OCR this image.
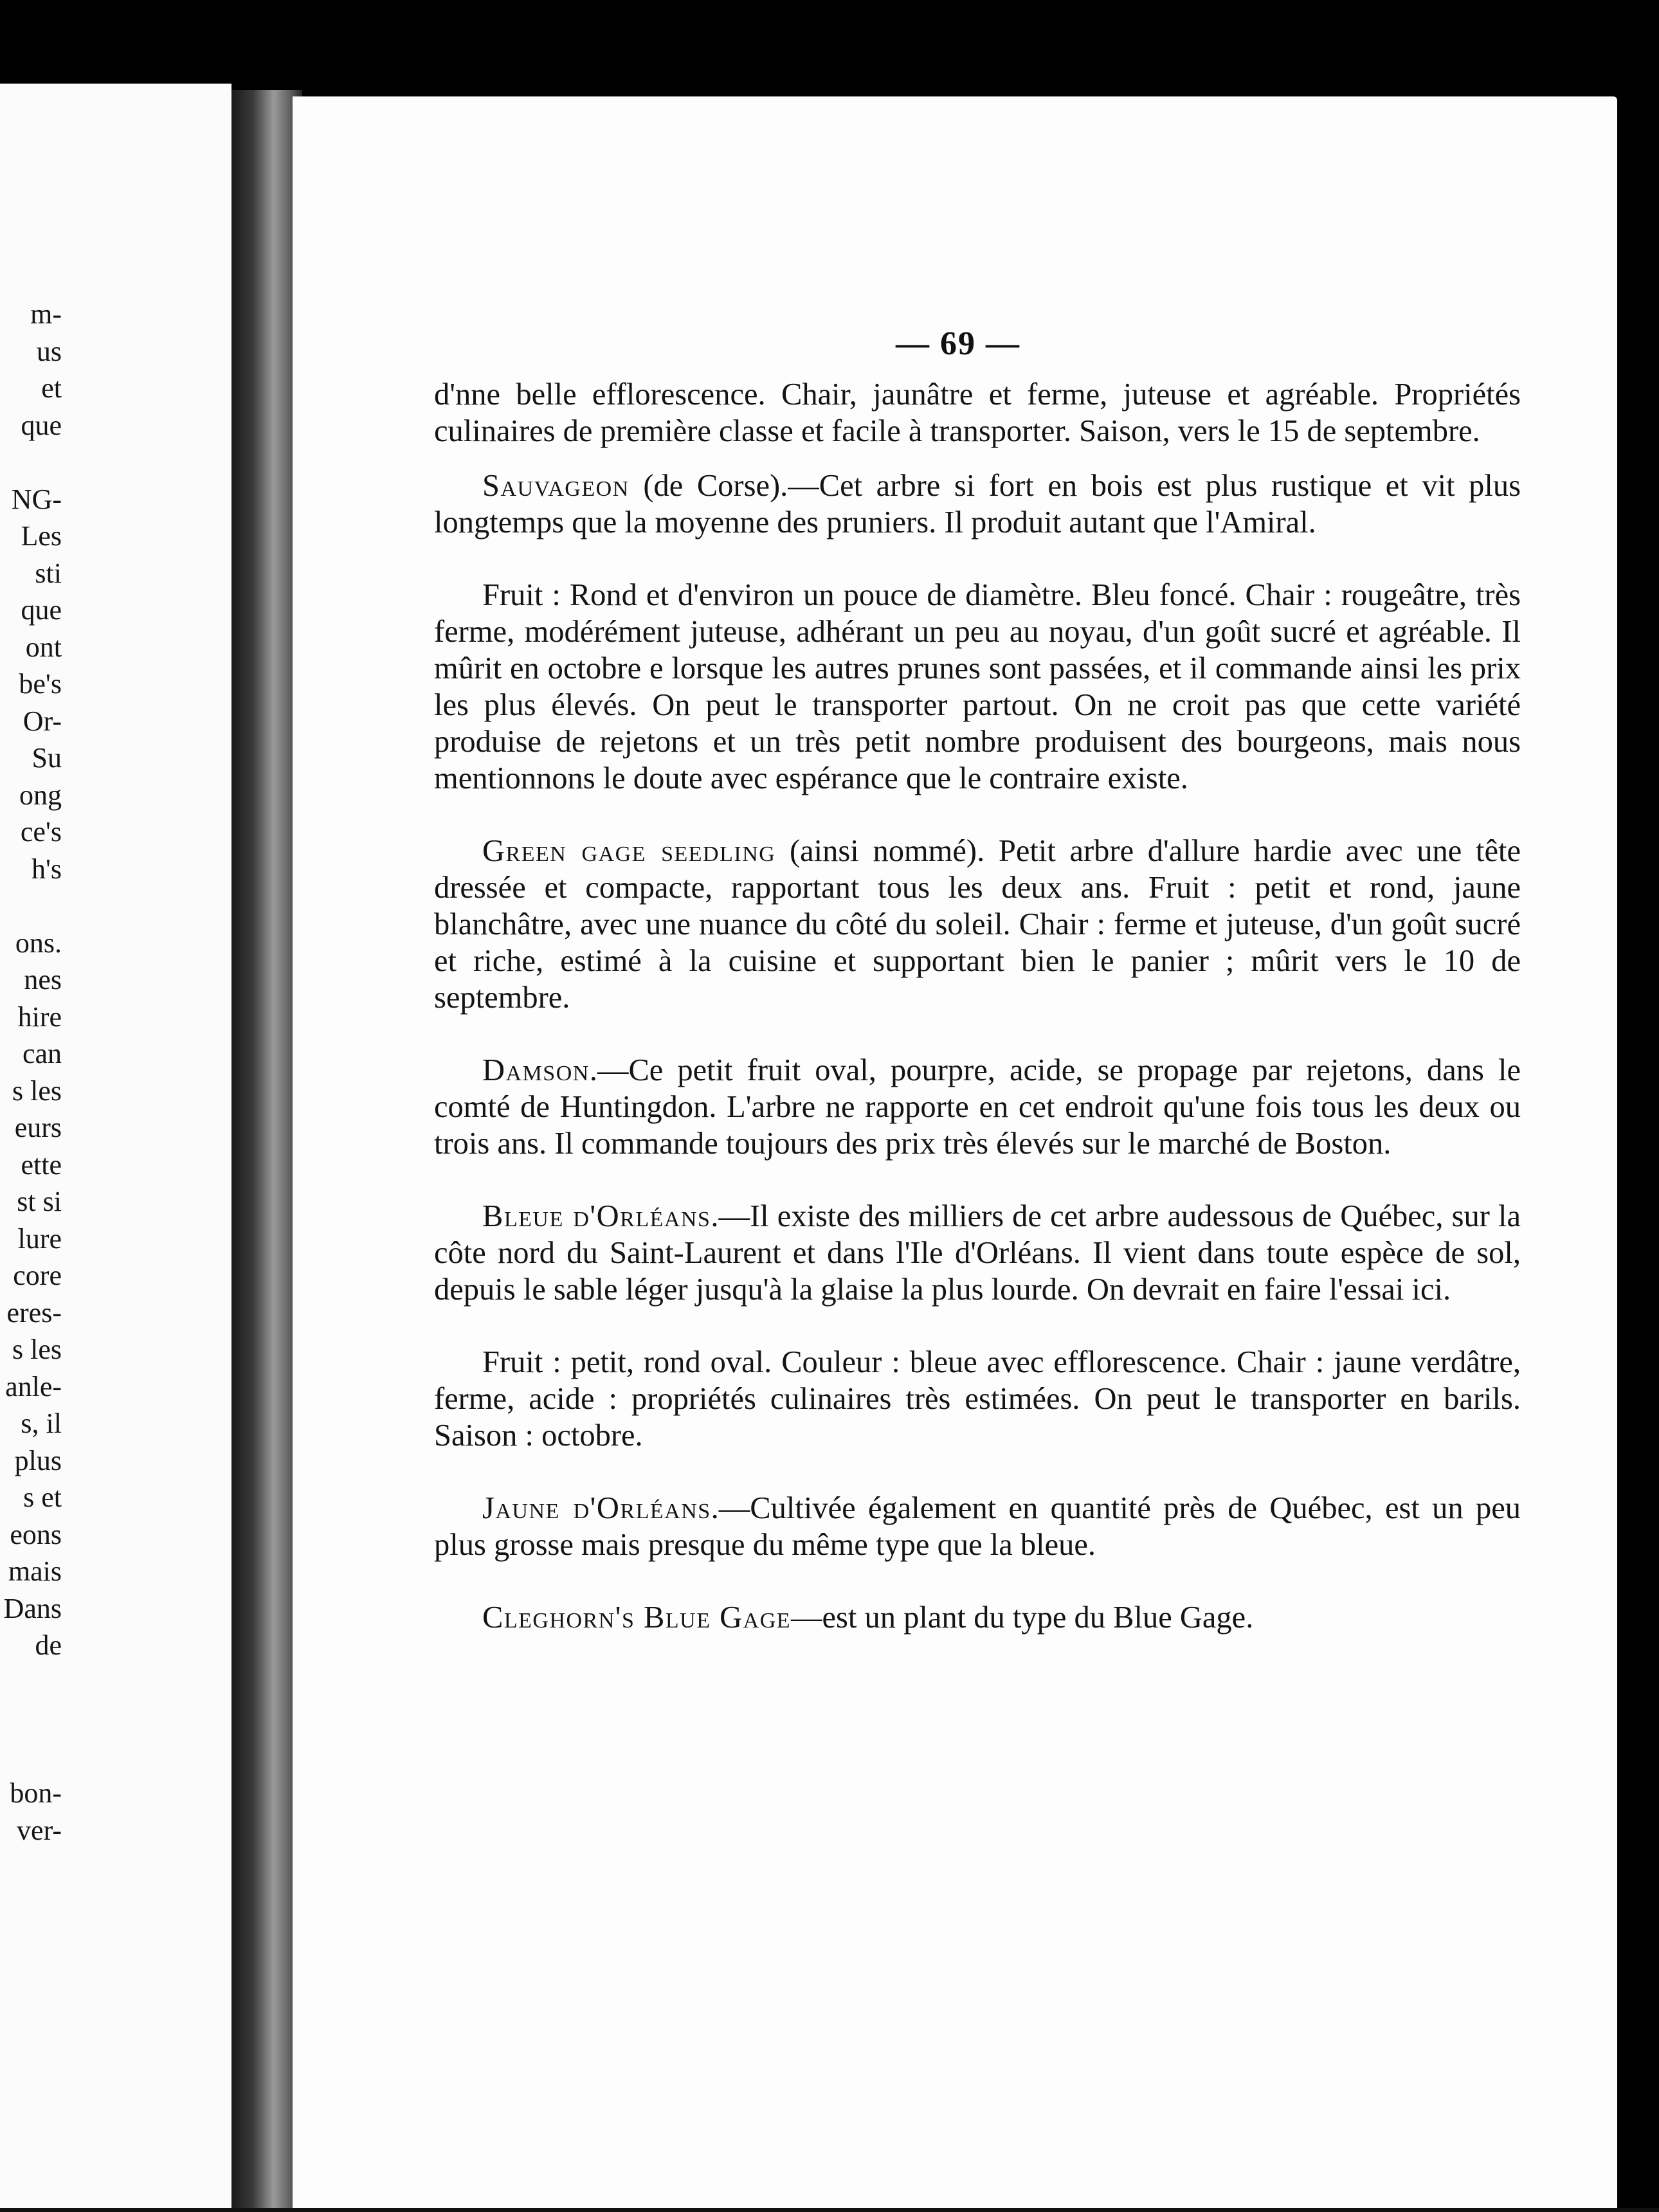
m-
us
et
que

NG-
Les
sti
que
ont
be's
Or-
Su
ong
ce's
h's

ons.
nes
hire
can
s les
eurs
ette
st si
lure
core
eres-
s les
anle-
s, il
plus
s et
eons
mais
Dans
de

bon-
ver-
— 69 —

d'nne belle efflorescence. Chair, jaunâtre et ferme, juteuse et agréable. Propriétés culinaires de première classe et facile à transporter. Saison, vers le 15 de septembre.

Sauvageon (de Corse).—Cet arbre si fort en bois est plus rustique et vit plus longtemps que la moyenne des pruniers. Il produit autant que l'Amiral.

Fruit : Rond et d'environ un pouce de diamètre. Bleu foncé. Chair : rougeâtre, très ferme, modérément juteuse, adhérant un peu au noyau, d'un goût sucré et agréable. Il mûrit en octobre e lorsque les autres prunes sont passées, et il commande ainsi les prix les plus élevés. On peut le transporter partout. On ne croit pas que cette variété produise de rejetons et un très petit nombre produisent des bourgeons, mais nous mentionnons le doute avec espérance que le contraire existe.

Green gage seedling (ainsi nommé). Petit arbre d'allure hardie avec une tête dressée et compacte, rapportant tous les deux ans. Fruit : petit et rond, jaune blanchâtre, avec une nuance du côté du soleil. Chair : ferme et juteuse, d'un goût sucré et riche, estimé à la cuisine et supportant bien le panier ; mûrit vers le 10 de septembre.

Damson.—Ce petit fruit oval, pourpre, acide, se propage par rejetons, dans le comté de Huntingdon. L'arbre ne rapporte en cet endroit qu'une fois tous les deux ou trois ans. Il commande toujours des prix très élevés sur le marché de Boston.

Bleue d'Orléans.—Il existe des milliers de cet arbre audessous de Québec, sur la côte nord du Saint-Laurent et dans l'Ile d'Orléans. Il vient dans toute espèce de sol, depuis le sable léger jusqu'à la glaise la plus lourde. On devrait en faire l'essai ici.

Fruit : petit, rond oval. Couleur : bleue avec efflorescence. Chair : jaune verdâtre, ferme, acide : propriétés culinaires très estimées. On peut le transporter en barils. Saison : octobre.

Jaune d'Orléans.—Cultivée également en quantité près de Québec, est un peu plus grosse mais presque du même type que la bleue.

Cleghorn's Blue Gage—est un plant du type du Blue Gage.
